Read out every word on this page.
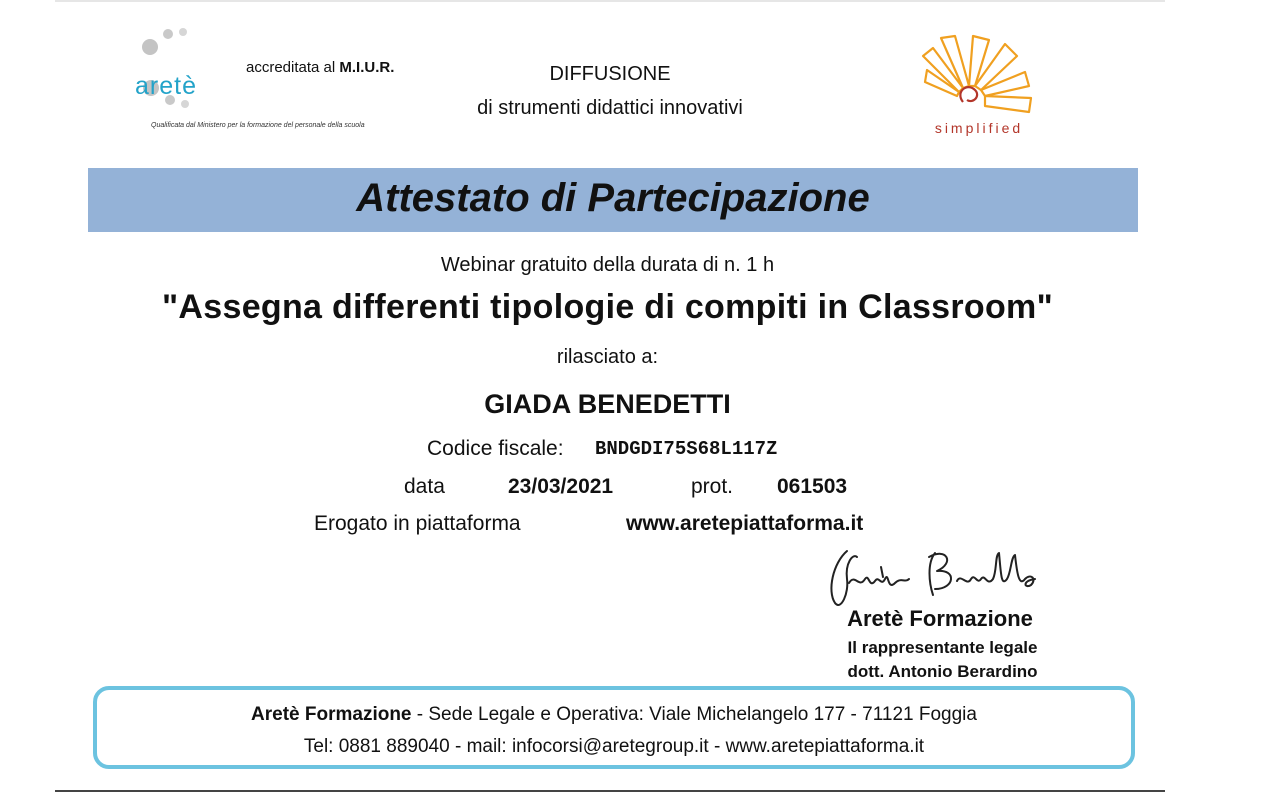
aretè
accreditata al M.I.U.R.
Qualificata dal Ministero per la formazione del personale della scuola
DIFFUSIONE
di strumenti didattici innovativi
simplified
Attestato di Partecipazione
Webinar gratuito della durata di n. 1 h
"Assegna differenti tipologie di compiti in Classroom"
rilasciato a:
GIADA BENEDETTI
Codice fiscale: BNDGDI75S68L117Z
data	23/03/2021	prot. 061503
Erogato in piattaforma	www.aretepiattaforma.it
Aretè Formazione
Il rappresentante legale
dott. Antonio Berardino
Aretè Formazione - Sede Legale e Operativa: Viale Michelangelo 177 - 71121 Foggia
Tel: 0881 889040 - mail: infocorsi@aretegroup.it - www.aretepiattaforma.it
